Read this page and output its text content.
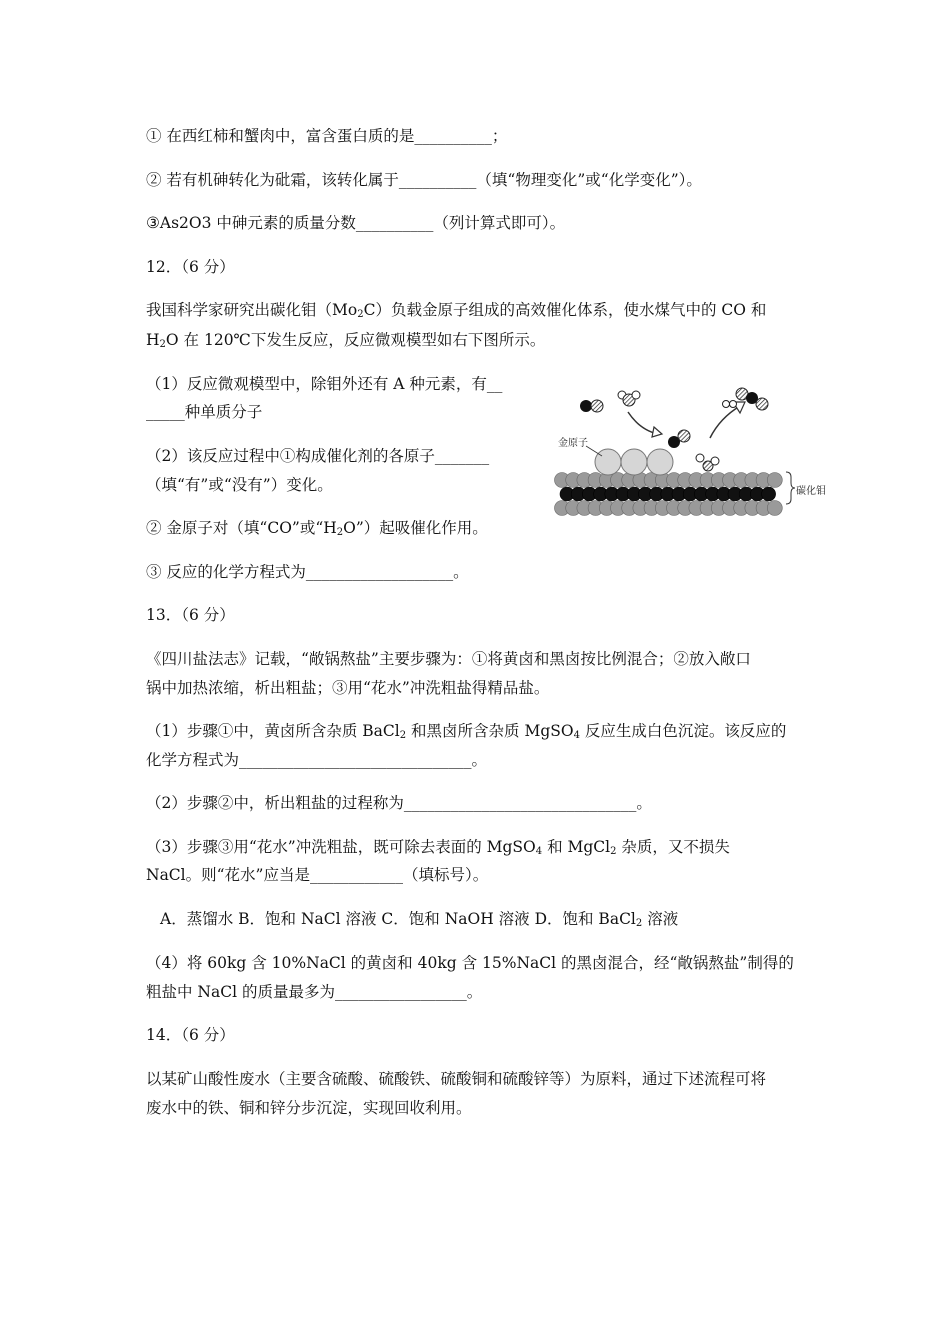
① 在西红柿和蟹肉中，富含蛋白质的是__________；
② 若有机砷转化为砒霜，该转化属于__________（填“物理变化”或“化学变化”）。
③As2O3 中砷元素的质量分数__________（列计算式即可）。
12．（6 分）
我国科学家研究出碳化钼$(Mo_2C)$负载金原子组成的高效催化体系，使水煤气中的 CO 和
$H_2O$ 在 120℃下发生反应，反应微观模型如右下图所示。
（1）反应微观模型中，除钼外还有 A 种元素，有__
_____种单质分子
（2）该反应过程中①构成催化剂的各原子_______
（填“有”或“没有”）变化。
② 金原子对（填“CO”或“$H_2O$”）起吸催化作用。
③ 反应的化学方程式为___________________。
金原子
碳化钼
13．（6 分）
《四川盐法志》记载，“敞锅熬盐”主要步骤为：①将黄卤和黑卤按比例混合；②放入敞口
锅中加热浓缩，析出粗盐；③用“花水”冲洗粗盐得精品盐。
（1）步骤①中，黄卤所含杂质 BaCl$_2$ 和黑卤所含杂质 MgSO$_4$ 反应生成白色沉淀。该反应的
化学方程式为______________________________。
（2）步骤②中，析出粗盐的过程称为______________________________。
（3）步骤③用“花水”冲洗粗盐，既可除去表面的 MgSO$_4$ 和 MgCl$_2$ 杂质，又不损失
NaCl。则“花水”应当是____________（填标号）。
A．蒸馏水 B．饱和 NaCl 溶液 C．饱和 NaOH 溶液 D．饱和 BaCl$_2$ 溶液
（4）将 60kg 含 10%NaCl 的黄卤和 40kg 含 15%NaCl 的黑卤混合，经“敞锅熬盐”制得的
粗盐中 NaCl 的质量最多为_________________。
14．（6 分）
以某矿山酸性废水（主要含硫酸、硫酸铁、硫酸铜和硫酸锌等）为原料，通过下述流程可将
废水中的铁、铜和锌分步沉淀，实现回收利用。
